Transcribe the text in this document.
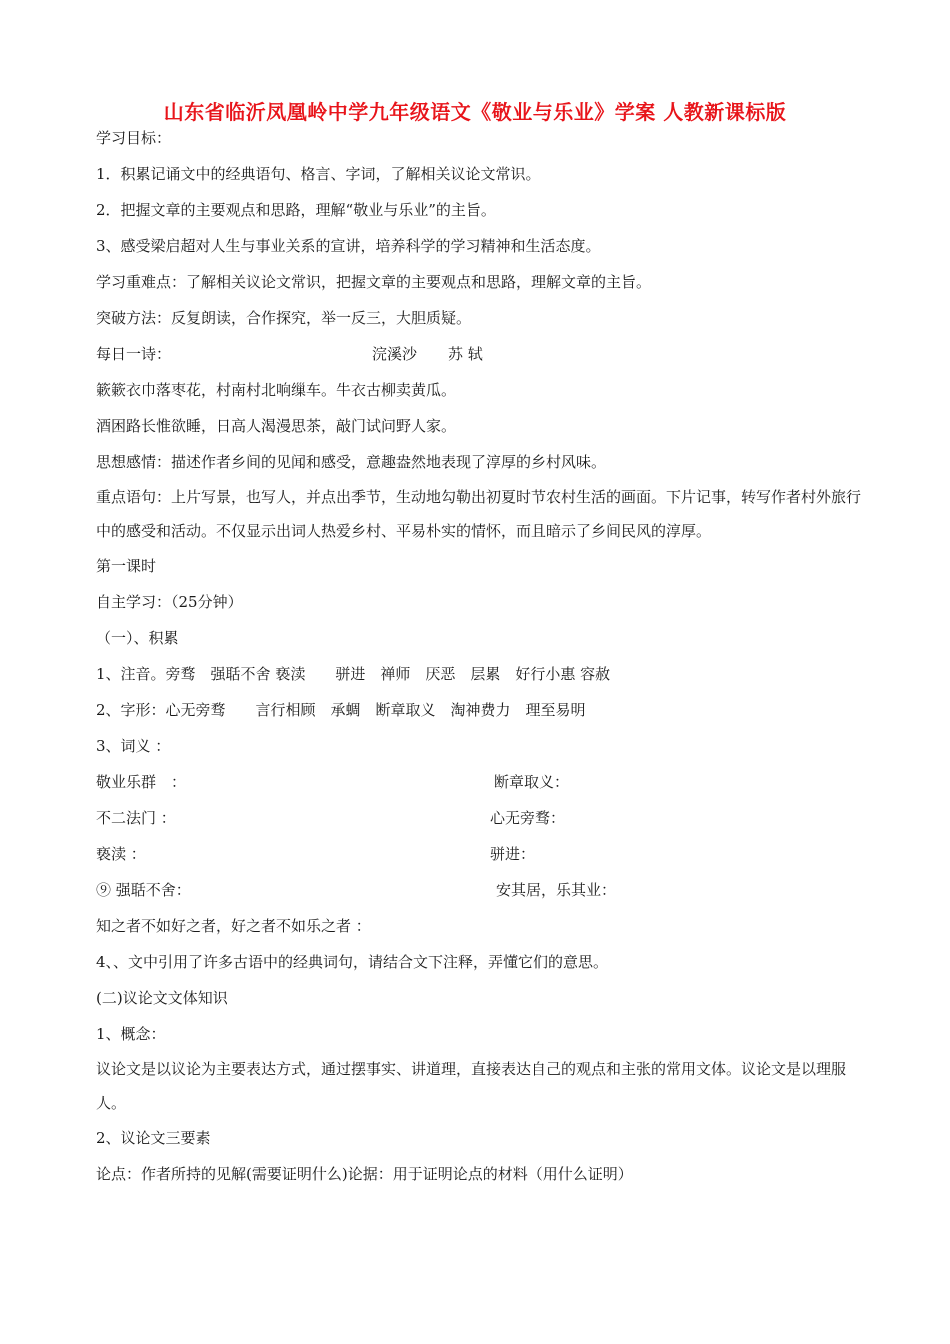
山东省临沂凤凰岭中学九年级语文《敬业与乐业》学案 人教新课标版
学习目标：
1．积累记诵文中的经典语句、格言、字词，了解相关议论文常识。
2．把握文章的主要观点和思路，理解“敬业与乐业”的主旨。
3、感受梁启超对人生与事业关系的宣讲，培养科学的学习精神和生活态度。
学习重难点：了解相关议论文常识，把握文章的主要观点和思路，理解文章的主旨。
突破方法：反复朗读，合作探究，举一反三，大胆质疑。
每日一诗：	浣溪沙 苏 轼
簌簌衣巾落枣花，村南村北响缫车。牛衣古柳卖黄瓜。
酒困路长惟欲睡，日高人渴漫思茶，敲门试问野人家。
思想感情：描述作者乡间的见闻和感受，意趣盎然地表现了淳厚的乡村风味。
重点语句：上片写景，也写人，并点出季节，生动地勾勒出初夏时节农村生活的画面。下片记事，转写作者村外旅行中的感受和活动。不仅显示出词人热爱乡村、平易朴实的情怀，而且暗示了乡间民风的淳厚。
第一课时
自主学习：（25分钟）
（一）、积累
1、注音。旁骛　强聒不舍 亵渎　　骈进　禅师　厌恶　层累　好行小惠 容赦
2、字形：心无旁骛　　言行相顾　承蜩　断章取义　淘神费力　理至易明
3、词义 ：
敬业乐群　：	断章取义：
不二法门 ：	心无旁骛：
亵渎 ：	骈进：
⑨ 强聒不舍：	安其居，乐其业：
知之者不如好之者，好之者不如乐之者 ：
4、、文中引用了许多古语中的经典词句，请结合文下注释，弄懂它们的意思。
(二)议论文文体知识
1、概念：
议论文是以议论为主要表达方式，通过摆事实、讲道理，直接表达自己的观点和主张的常用文体。议论文是以理服人。
2、议论文三要素
论点：作者所持的见解(需要证明什么)论据：用于证明论点的材料（用什么证明）
